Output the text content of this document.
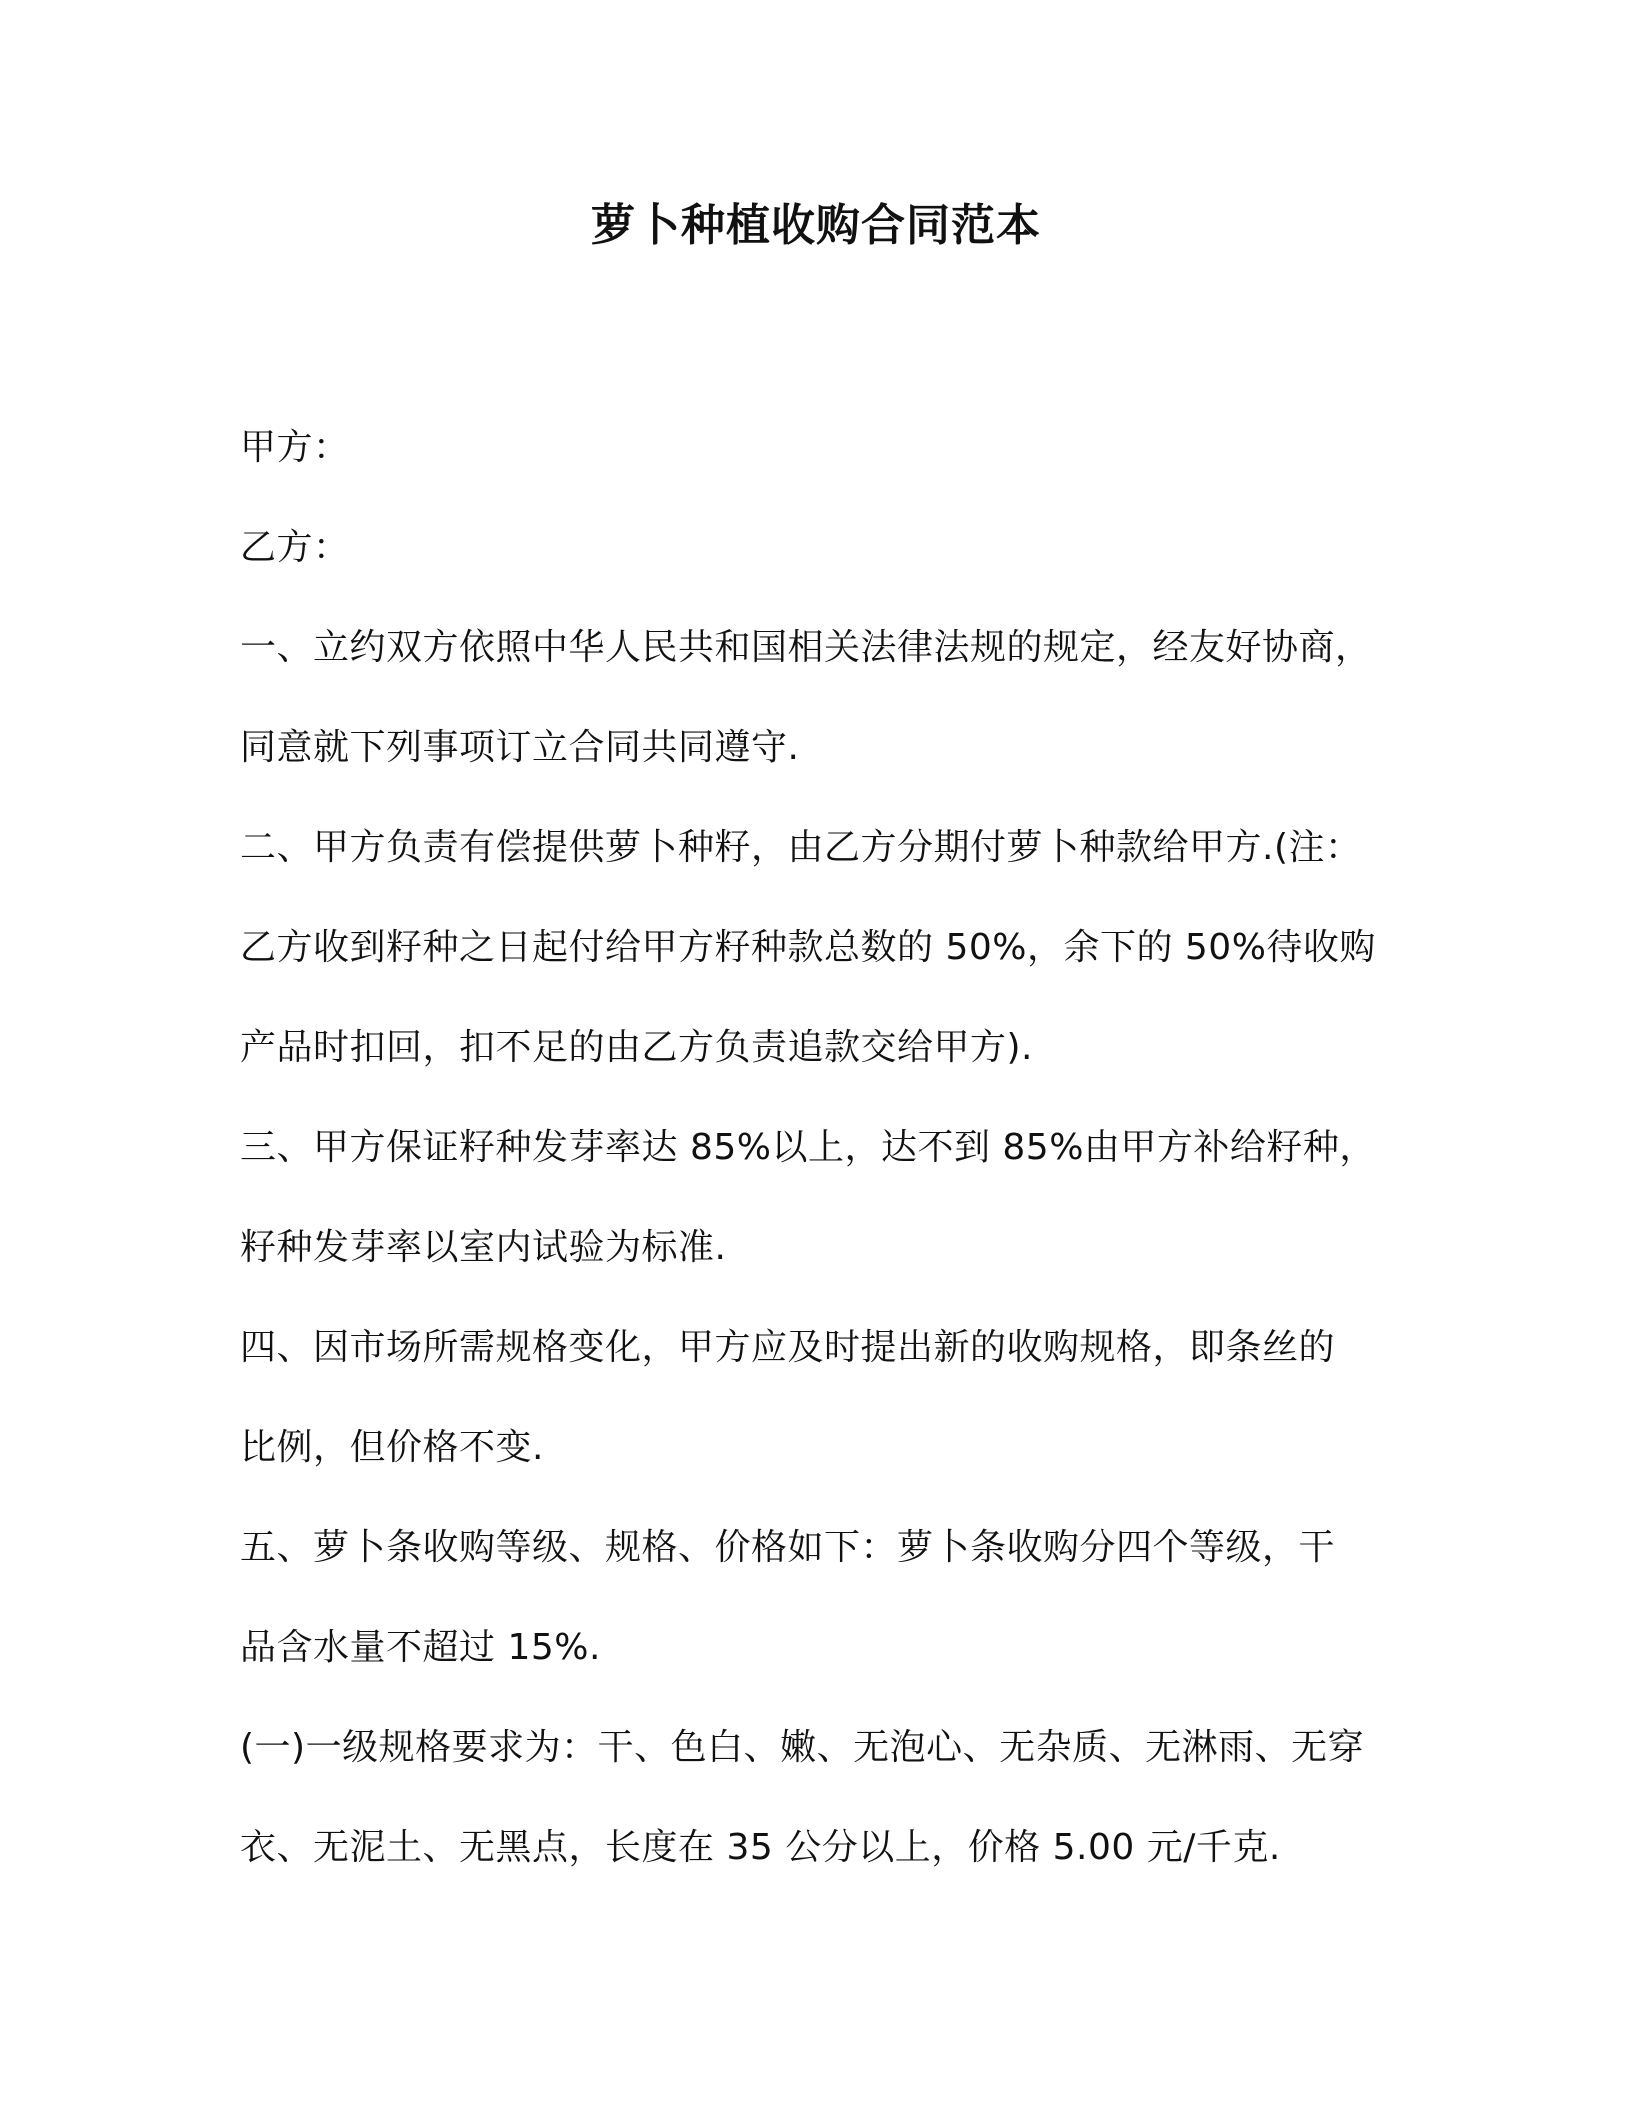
萝卜种植收购合同范本
甲方：
乙方：
一、立约双方依照中华人民共和国相关法律法规的规定，经友好协商，
同意就下列事项订立合同共同遵守.
二、甲方负责有偿提供萝卜种籽，由乙方分期付萝卜种款给甲方.(注：
乙方收到籽种之日起付给甲方籽种款总数的 50%，余下的 50%待收购
产品时扣回，扣不足的由乙方负责追款交给甲方).
三、甲方保证籽种发芽率达 85%以上，达不到 85%由甲方补给籽种，
籽种发芽率以室内试验为标准.
四、因市场所需规格变化，甲方应及时提出新的收购规格，即条丝的
比例，但价格不变.
五、萝卜条收购等级、规格、价格如下：萝卜条收购分四个等级，干
品含水量不超过 15%.
(一)一级规格要求为：干、色白、嫩、无泡心、无杂质、无淋雨、无穿
衣、无泥土、无黑点，长度在 35 公分以上，价格 5.00 元/千克.
